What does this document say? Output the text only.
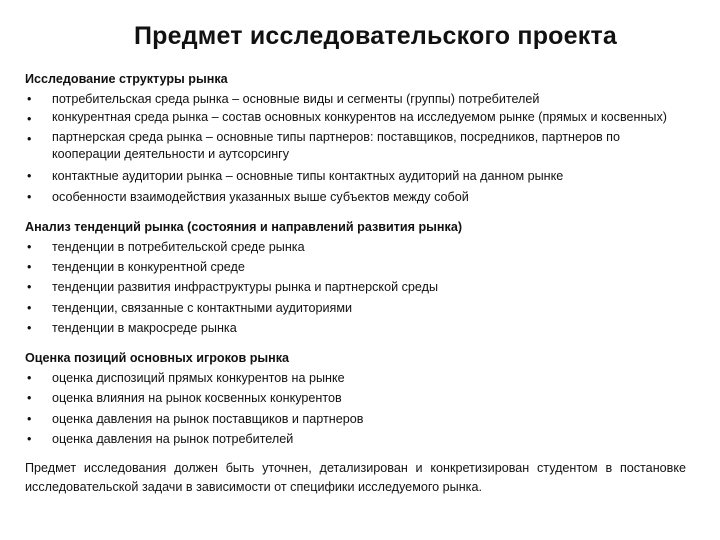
Предмет исследовательского проекта
Исследование структуры рынка
• потребительская среда рынка – основные виды и сегменты (группы) потребителей
• конкурентная среда рынка – состав основных конкурентов на исследуемом рынке (прямых и косвенных)
• партнерская среда рынка – основные типы партнеров: поставщиков, посредников, партнеров по кооперации деятельности и аутсорсингу
• контактные аудитории рынка – основные типы контактных аудиторий на данном рынке
• особенности взаимодействия указанных выше субъектов между собой
Анализ тенденций рынка (состояния и направлений развития рынка)
• тенденции в потребительской среде рынка
• тенденции в конкурентной среде
• тенденции развития инфраструктуры рынка и партнерской среды
• тенденции, связанные с контактными аудиториями
• тенденции в макросреде рынка
Оценка позиций основных игроков рынка
• оценка диспозиций прямых конкурентов на рынке
• оценка влияния на рынок косвенных конкурентов
• оценка давления на рынок поставщиков и партнеров
• оценка давления на рынок потребителей
Предмет исследования должен быть уточнен, детализирован и конкретизирован студентом в постановке исследовательской задачи в зависимости от специфики исследуемого рынка.
